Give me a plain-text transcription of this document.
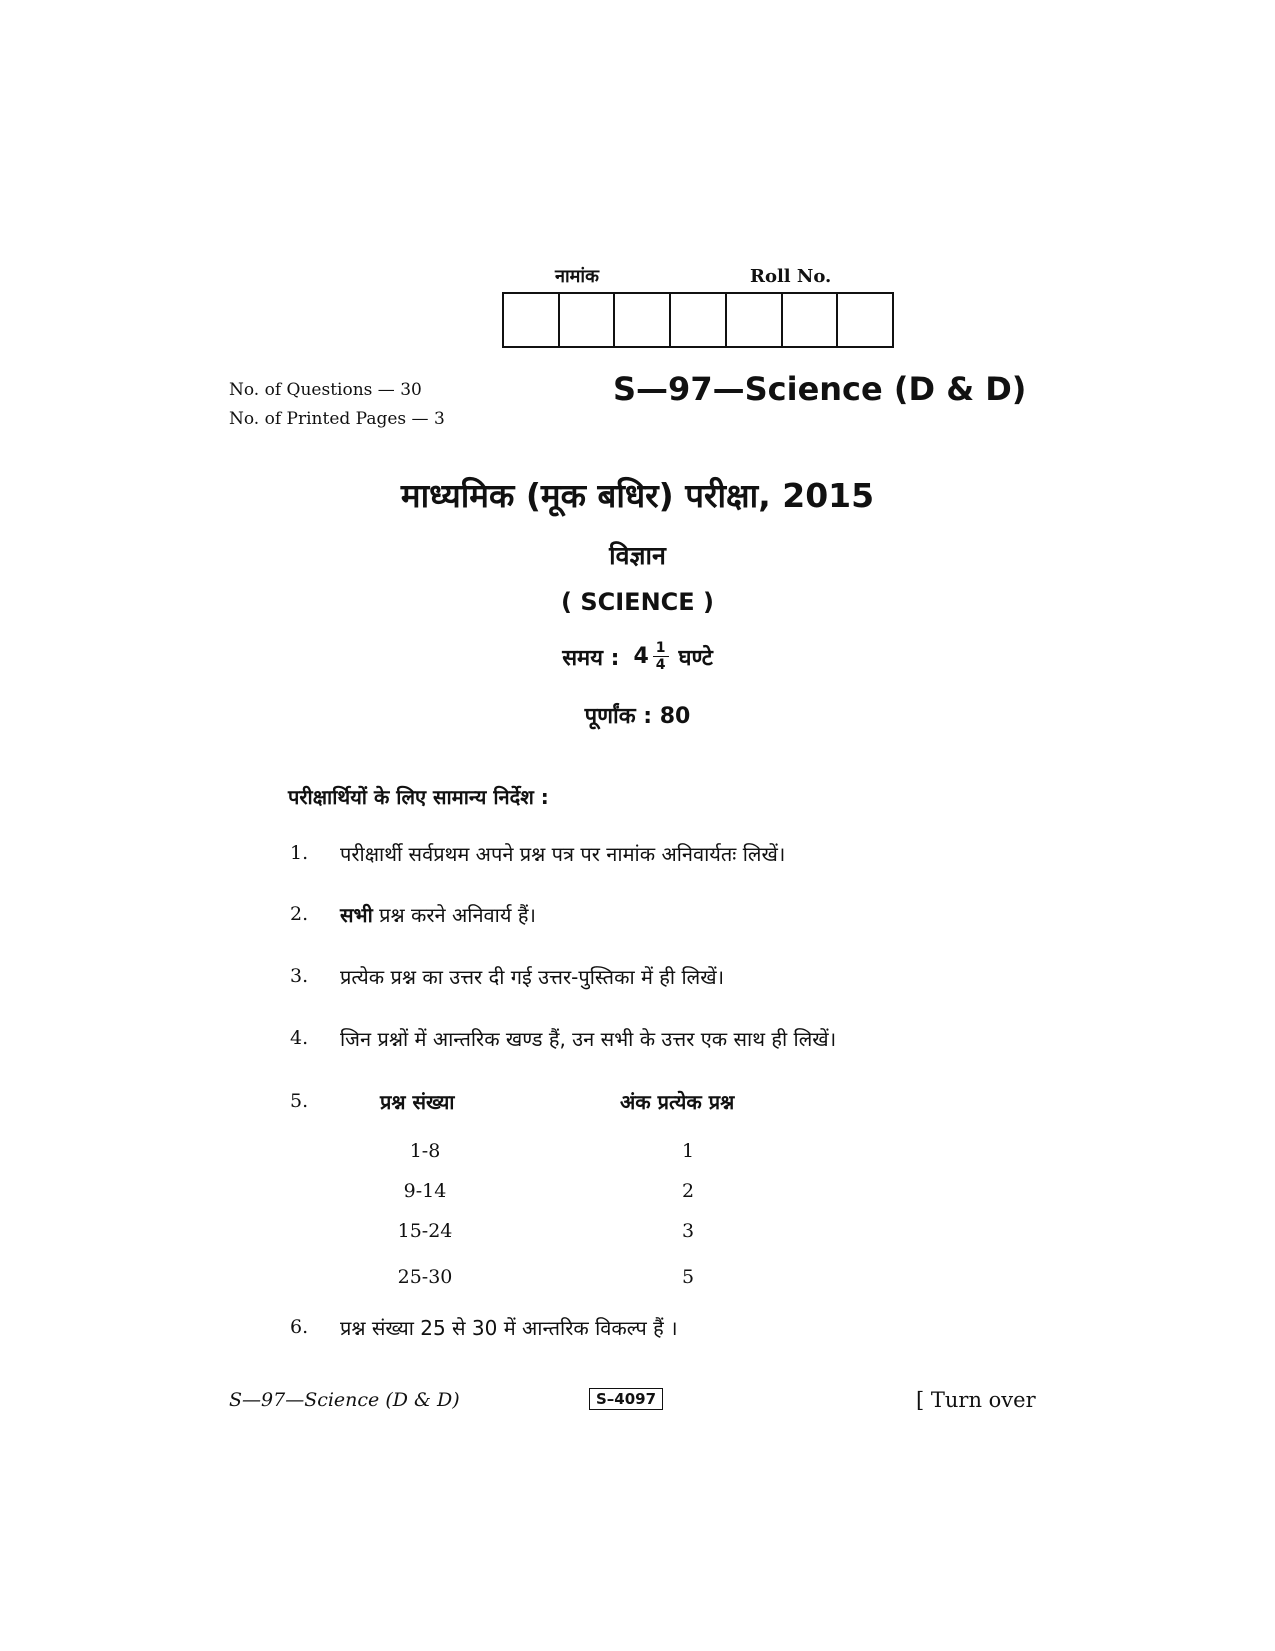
नामांक	Roll No.
No. of Questions — 30
No. of Printed Pages — 3
S—97—Science (D & D)
माध्यमिक (मूक बधिर) परीक्षा, 2015
विज्ञान
( SCIENCE )
समय : $4 \frac{1}{4}$ घण्टे
पूर्णांक : 80
परीक्षार्थियों के लिए सामान्य निर्देश :
1. परीक्षार्थी सर्वप्रथम अपने प्रश्न पत्र पर नामांक अनिवार्यतः लिखें।
2. सभी प्रश्न करने अनिवार्य हैं।
3. प्रत्येक प्रश्न का उत्तर दी गई उत्तर-पुस्तिका में ही लिखें।
4. जिन प्रश्नों में आन्तरिक खण्ड हैं, उन सभी के उत्तर एक साथ ही लिखें।
5.	प्रश्न संख्या	अंक प्रत्येक प्रश्न
1-8	1
9-14	2
15-24	3
25-30	5
6. प्रश्न संख्या 25 से 30 में आन्तरिक विकल्प हैं ।
S—97—Science (D & D)	S–4097	[ Turn over
